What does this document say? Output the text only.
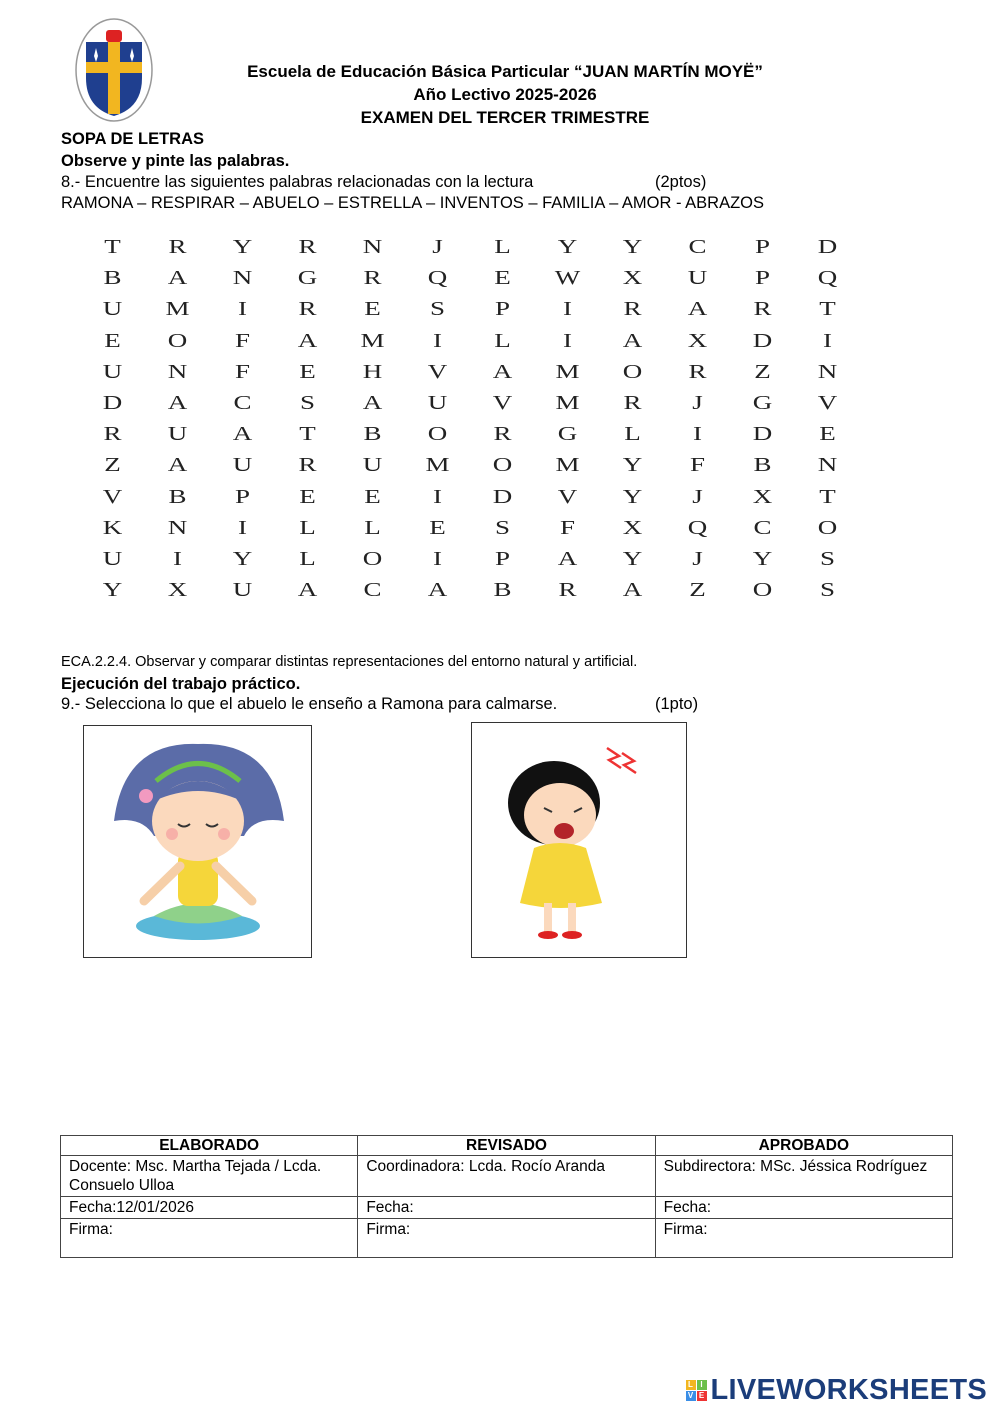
Escuela de Educación Básica Particular “JUAN MARTÍN MOYË”
Año Lectivo 2025-2026
EXAMEN DEL TERCER TRIMESTRE
SOPA DE LETRAS
Observe y pinte las palabras.
8.- Encuentre las siguientes palabras relacionadas con la lectura	(2ptos)
RAMONA – RESPIRAR – ABUELO – ESTRELLA – INVENTOS – FAMILIA – AMOR - ABRAZOS
T	R	Y	R	N	J	L	Y	Y	C	P	D
B	A	N	G	R	Q	E	W	X	U	P	Q
U	M	I	R	E	S	P	I	R	A	R	T
E	O	F	A	M	I	L	I	A	X	D	I
U	N	F	E	H	V	A	M	O	R	Z	N
D	A	C	S	A	U	V	M	R	J	G	V
R	U	A	T	B	O	R	G	L	I	D	E
Z	A	U	R	U	M	O	M	Y	F	B	N
V	B	P	E	E	I	D	V	Y	J	X	T
K	N	I	L	L	E	S	F	X	Q	C	O
U	I	Y	L	O	I	P	A	Y	J	Y	S
Y	X	U	A	C	A	B	R	A	Z	O	S
ECA.2.2.4. Observar y comparar distintas representaciones del entorno natural y artificial.
Ejecución del trabajo práctico.
9.- Selecciona lo que el abuelo le enseño a Ramona para calmarse.	(1pto)
ELABORADO	REVISADO	APROBADO
Docente: Msc. Martha Tejada / Lcda. Consuelo Ulloa	Coordinadora: Lcda. Rocío Aranda	Subdirectora: MSc. Jéssica Rodríguez
Fecha:12/01/2026	Fecha:	Fecha:
Firma:	Firma:	Firma:
L I
V E LIVEWORKSHEETS
